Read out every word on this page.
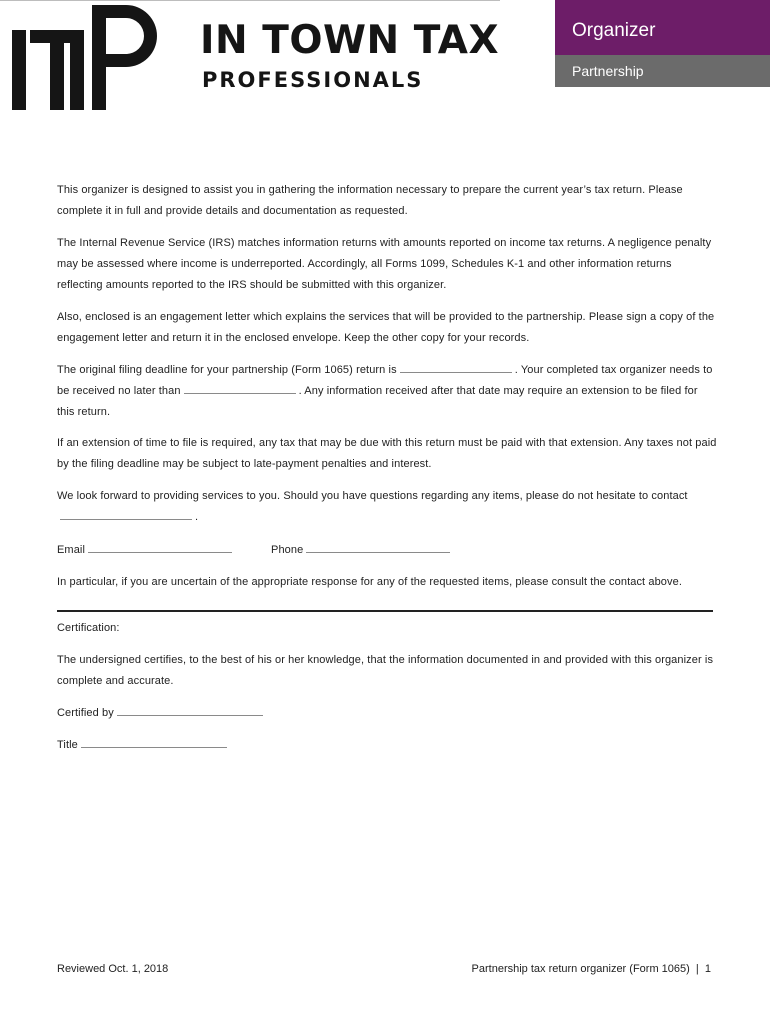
IN TOWN TAX
PROFESSIONALS
Organizer
Partnership
This organizer is designed to assist you in gathering the information necessary to prepare the current year’s tax return. Please complete it in full and provide details and documentation as requested.
The Internal Revenue Service (IRS) matches information returns with amounts reported on income tax returns. A negligence penalty may be assessed where income is underreported. Accordingly, all Forms 1099, Schedules K-1 and other information returns reflecting amounts reported to the IRS should be submitted with this organizer.
Also, enclosed is an engagement letter which explains the services that will be provided to the partnership. Please sign a copy of the engagement letter and return it in the enclosed envelope. Keep the other copy for your records.
The original filing deadline for your partnership (Form 1065) return is	. Your completed tax organizer needs to be received no later than	. Any information received after that date may require an extension to be filed for this return.
If an extension of time to file is required, any tax that may be due with this return must be paid with that extension. Any taxes not paid by the filing deadline may be subject to late-payment penalties and interest.
We look forward to providing services to you. Should you have questions regarding any items, please do not hesitate to contact.
Email	Phone
In particular, if you are uncertain of the appropriate response for any of the requested items, please consult the contact above.
Certification:
The undersigned certifies, to the best of his or her knowledge, that the information documented in and provided with this organizer is complete and accurate.
Certified by
Title
Reviewed Oct. 1, 2018	Partnership tax return organizer (Form 1065)  |  1
